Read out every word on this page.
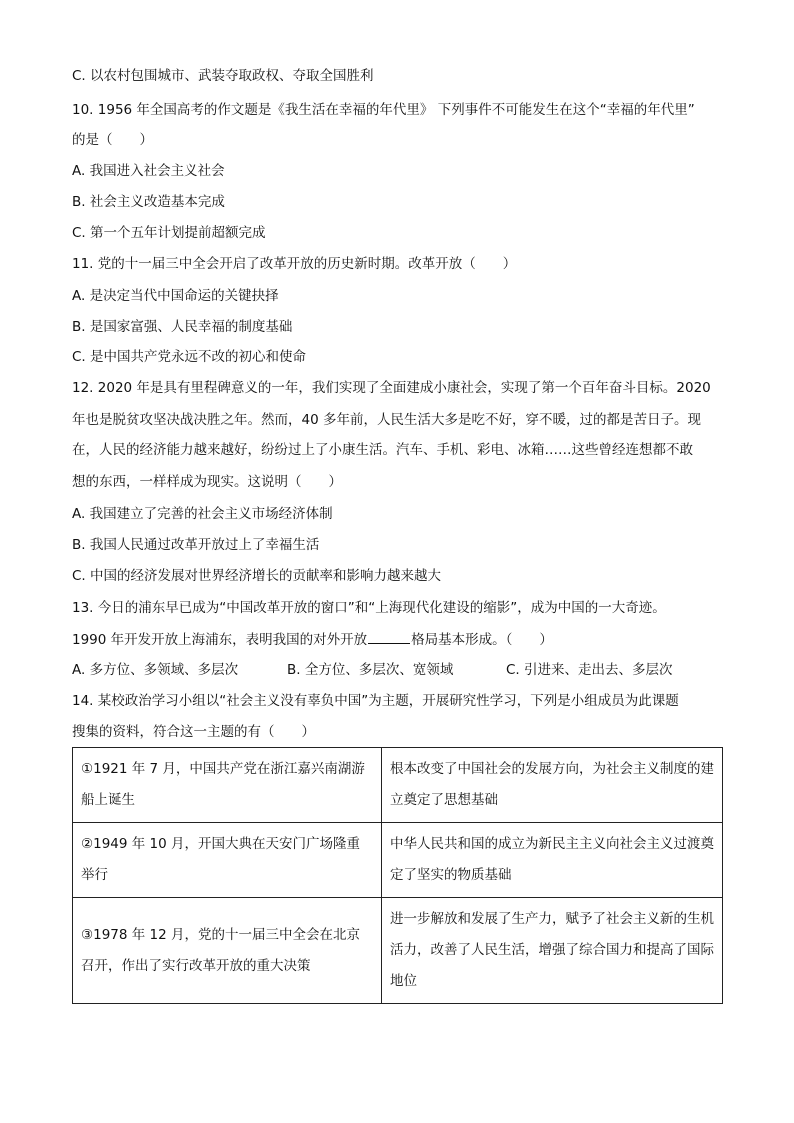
C. 以农村包围城市、武装夺取政权、夺取全国胜利
10. 1956 年全国高考的作文题是《我生活在幸福的年代里》 下列事件不可能发生在这个“幸福的年代里”
的是（　　）
A. 我国进入社会主义社会
B. 社会主义改造基本完成
C. 第一个五年计划提前超额完成
11. 党的十一届三中全会开启了改革开放的历史新时期。改革开放（　　）
A. 是决定当代中国命运的关键抉择
B. 是国家富强、人民幸福的制度基础
C. 是中国共产党永远不改的初心和使命
12. 2020 年是具有里程碑意义的一年，我们实现了全面建成小康社会，实现了第一个百年奋斗目标。2020
年也是脱贫攻坚决战决胜之年。然而，40 多年前，人民生活大多是吃不好，穿不暖，过的都是苦日子。现
在，人民的经济能力越来越好，纷纷过上了小康生活。汽车、手机、彩电、冰箱……这些曾经连想都不敢
想的东西，一样样成为现实。这说明（　　）
A. 我国建立了完善的社会主义市场经济体制
B. 我国人民通过改革开放过上了幸福生活
C. 中国的经济发展对世界经济增长的贡献率和影响力越来越大
13. 今日的浦东早已成为“中国改革开放的窗口”和“上海现代化建设的缩影”，成为中国的一大奇迹。
1990 年开发开放上海浦东，表明我国的对外开放	格局基本形成。（　　）
A. 多方位、多领域、多层次	B. 全方位、多层次、宽领域	C. 引进来、走出去、多层次
14. 某校政治学习小组以“社会主义没有辜负中国”为主题，开展研究性学习，下列是小组成员为此课题
搜集的资料，符合这一主题的有（　　）
①1921 年 7 月，中国共产党在浙江嘉兴南湖游船上诞生	根本改变了中国社会的发展方向，为社会主义制度的建立奠定了思想基础
②1949 年 10 月，开国大典在天安门广场隆重举行	中华人民共和国的成立为新民主主义向社会主义过渡奠定了坚实的物质基础
③1978 年 12 月，党的十一届三中全会在北京召开，作出了实行改革开放的重大决策	进一步解放和发展了生产力，赋予了社会主义新的生机活力，改善了人民生活，增强了综合国力和提高了国际地位
